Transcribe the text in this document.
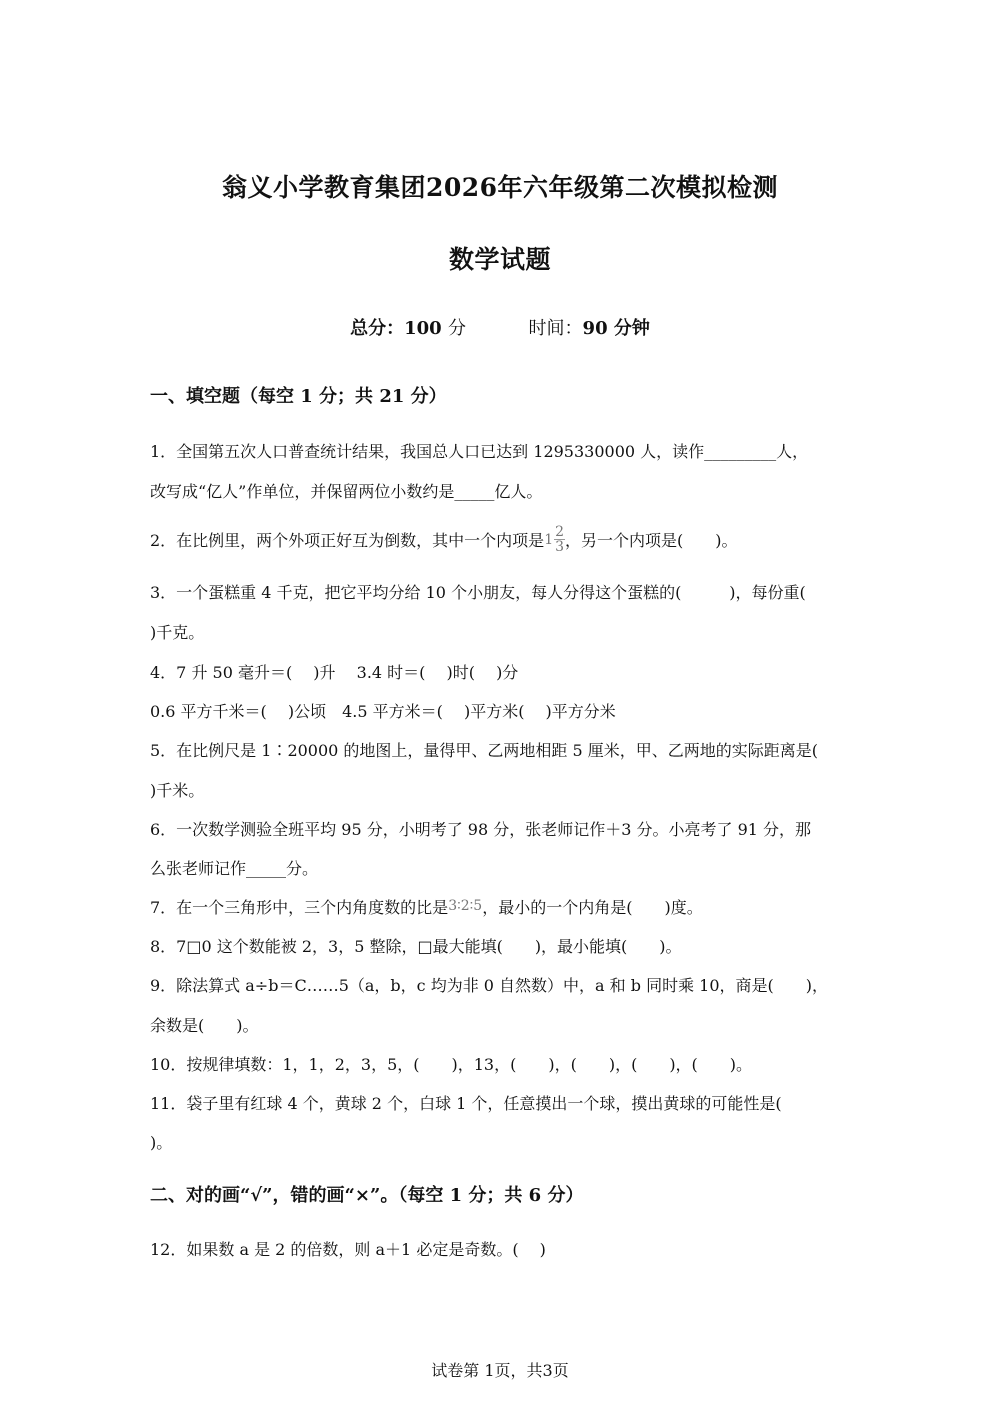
翁义小学教育集团2026年六年级第二次模拟检测
数学试题
总分：100 分	时间：90 分钟
一、填空题（每空 1 分；共 21 分）
1．全国第五次人口普查统计结果，我国总人口已达到 1295330000 人，读作_________人，
改写成“亿人”作单位，并保留两位小数约是_____亿人。
2．在比例里，两个外项正好互为倒数，其中一个内项是$1 \frac{2}{3}$ ，另一个内项是(　　)。
3．一个蛋糕重 4 千克，把它平均分给 10 个小朋友，每人分得这个蛋糕的(　　　)，每份重(
)千克。
4．7 升 50 毫升＝(　 )升　 3.4 时＝(　 )时(　 )分
0.6 平方千米＝(　 )公顷　4.5 平方米＝(　 )平方米(　 )平方分米
5．在比例尺是 1∶20000 的地图上，量得甲、乙两地相距 5 厘米，甲、乙两地的实际距离是(
)千米。
6．一次数学测验全班平均 95 分，小明考了 98 分，张老师记作＋3 分。小亮考了 91 分，那
么张老师记作_____分。
7．在一个三角形中，三个内角度数的比是3∶2∶5，最小的一个内角是(　　)度。
8．7□0 这个数能被 2，3，5 整除，□最大能填(　　)，最小能填(　　)。
9．除法算式 a÷b＝C……5（a，b，c 均为非 0 自然数）中，a 和 b 同时乘 10，商是(　　)，
余数是(　　)。
10．按规律填数：1，1，2，3，5，(　　)，13，(　　)，(　　)，(　　)，(　　)。
11．袋子里有红球 4 个，黄球 2 个，白球 1 个，任意摸出一个球，摸出黄球的可能性是(
)。
二、对的画“√”，错的画“×”。（每空 1 分；共 6 分）
12．如果数 a 是 2 的倍数，则 a＋1 必定是奇数。(　 )
试卷第 1页，共3页
